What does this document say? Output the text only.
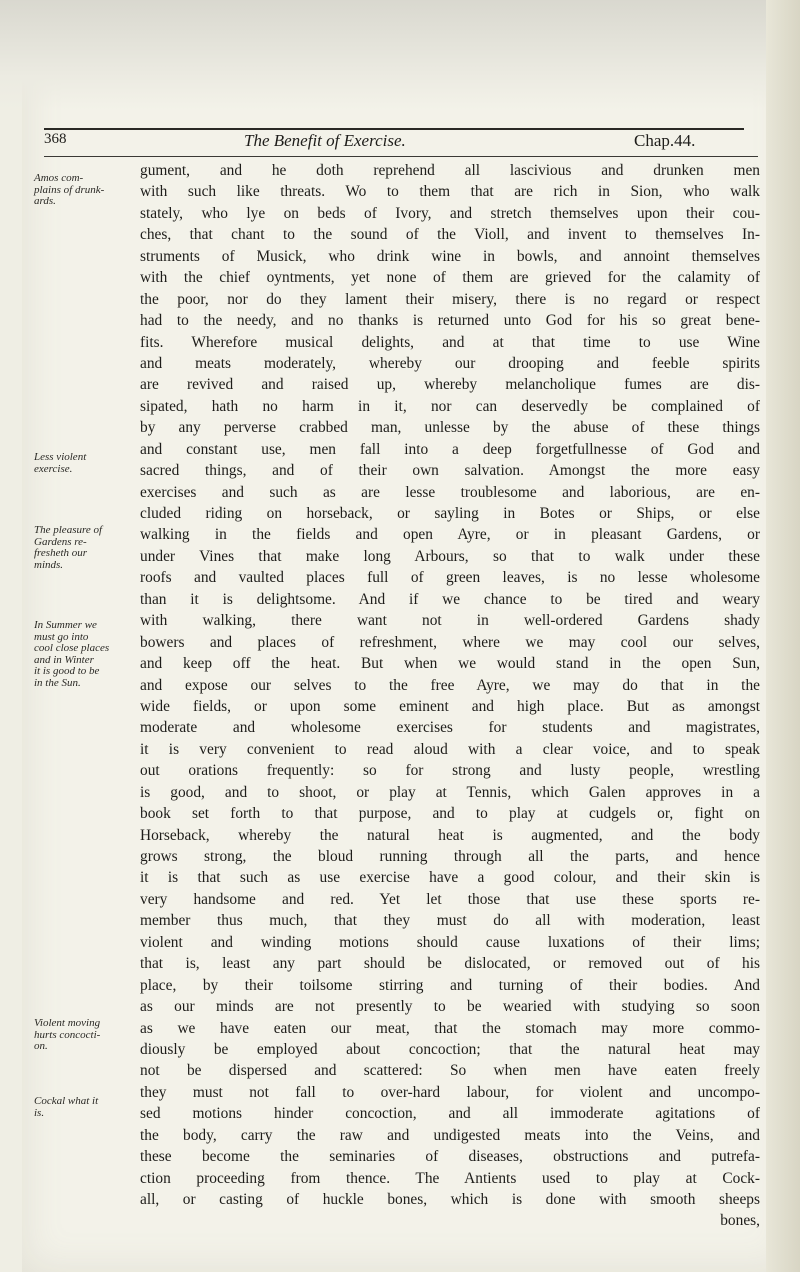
368	The Benefit of Exercise.	Chap.44.
gument, and he doth reprehend all lascivious and drunken men
with such like threats. Wo to them that are rich in Sion, who walk
stately, who lye on beds of Ivory, and stretch themselves upon their cou-
ches, that chant to the sound of the Violl, and invent to themselves In-
struments of Musick, who drink wine in bowls, and annoint themselves
with the chief oyntments, yet none of them are grieved for the calamity of
the poor, nor do they lament their misery, there is no regard or respect
had to the needy, and no thanks is returned unto God for his so great bene-
fits. Wherefore musical delights, and at that time to use Wine
and meats moderately, whereby our drooping and feeble spirits
are revived and raised up, whereby melancholique fumes are dis-
sipated, hath no harm in it, nor can deservedly be complained of
by any perverse crabbed man, unlesse by the abuse of these things
and constant use, men fall into a deep forgetfullnesse of God and
sacred things, and of their own salvation. Amongst the more easy
exercises and such as are lesse troublesome and laborious, are en-
cluded riding on horseback, or sayling in Botes or Ships, or else
walking in the fields and open Ayre, or in pleasant Gardens, or
under Vines that make long Arbours, so that to walk under these
roofs and vaulted places full of green leaves, is no lesse wholesome
than it is delightsome. And if we chance to be tired and weary
with walking, there want not in well-ordered Gardens shady
bowers and places of refreshment, where we may cool our selves,
and keep off the heat. But when we would stand in the open Sun,
and expose our selves to the free Ayre, we may do that in the
wide fields, or upon some eminent and high place. But as amongst
moderate and wholesome exercises for students and magistrates,
it is very convenient to read aloud with a clear voice, and to speak
out orations frequently: so for strong and lusty people, wrestling
is good, and to shoot, or play at Tennis, which Galen approves in a
book set forth to that purpose, and to play at cudgels or, fight on
Horseback, whereby the natural heat is augmented, and the body
grows strong, the bloud running through all the parts, and hence
it is that such as use exercise have a good colour, and their skin is
very handsome and red. Yet let those that use these sports re-
member thus much, that they must do all with moderation, least
violent and winding motions should cause luxations of their lims;
that is, least any part should be dislocated, or removed out of his
place, by their toilsome stirring and turning of their bodies. And
as our minds are not presently to be wearied with studying so soon
as we have eaten our meat, that the stomach may more commo-
diously be employed about concoction; that the natural heat may
not be dispersed and scattered: So when men have eaten freely
they must not fall to over-hard labour, for violent and uncompo-
sed motions hinder concoction, and all immoderate agitations of
the body, carry the raw and undigested meats into the Veins, and
these become the seminaries of diseases, obstructions and putrefa-
ction proceeding from thence. The Antients used to play at Cock-
all, or casting of huckle bones, which is done with smooth sheeps
bones,
Amos com-
plains of drunk-
ards.
Less violent
exercise.
The pleasure of
Gardens re-
fresheth our
minds.
In Summer we
must go into
cool close places
and in Winter
it is good to be
in the Sun.
Violent moving
hurts concocti-
on.
Cockal what it
is.
